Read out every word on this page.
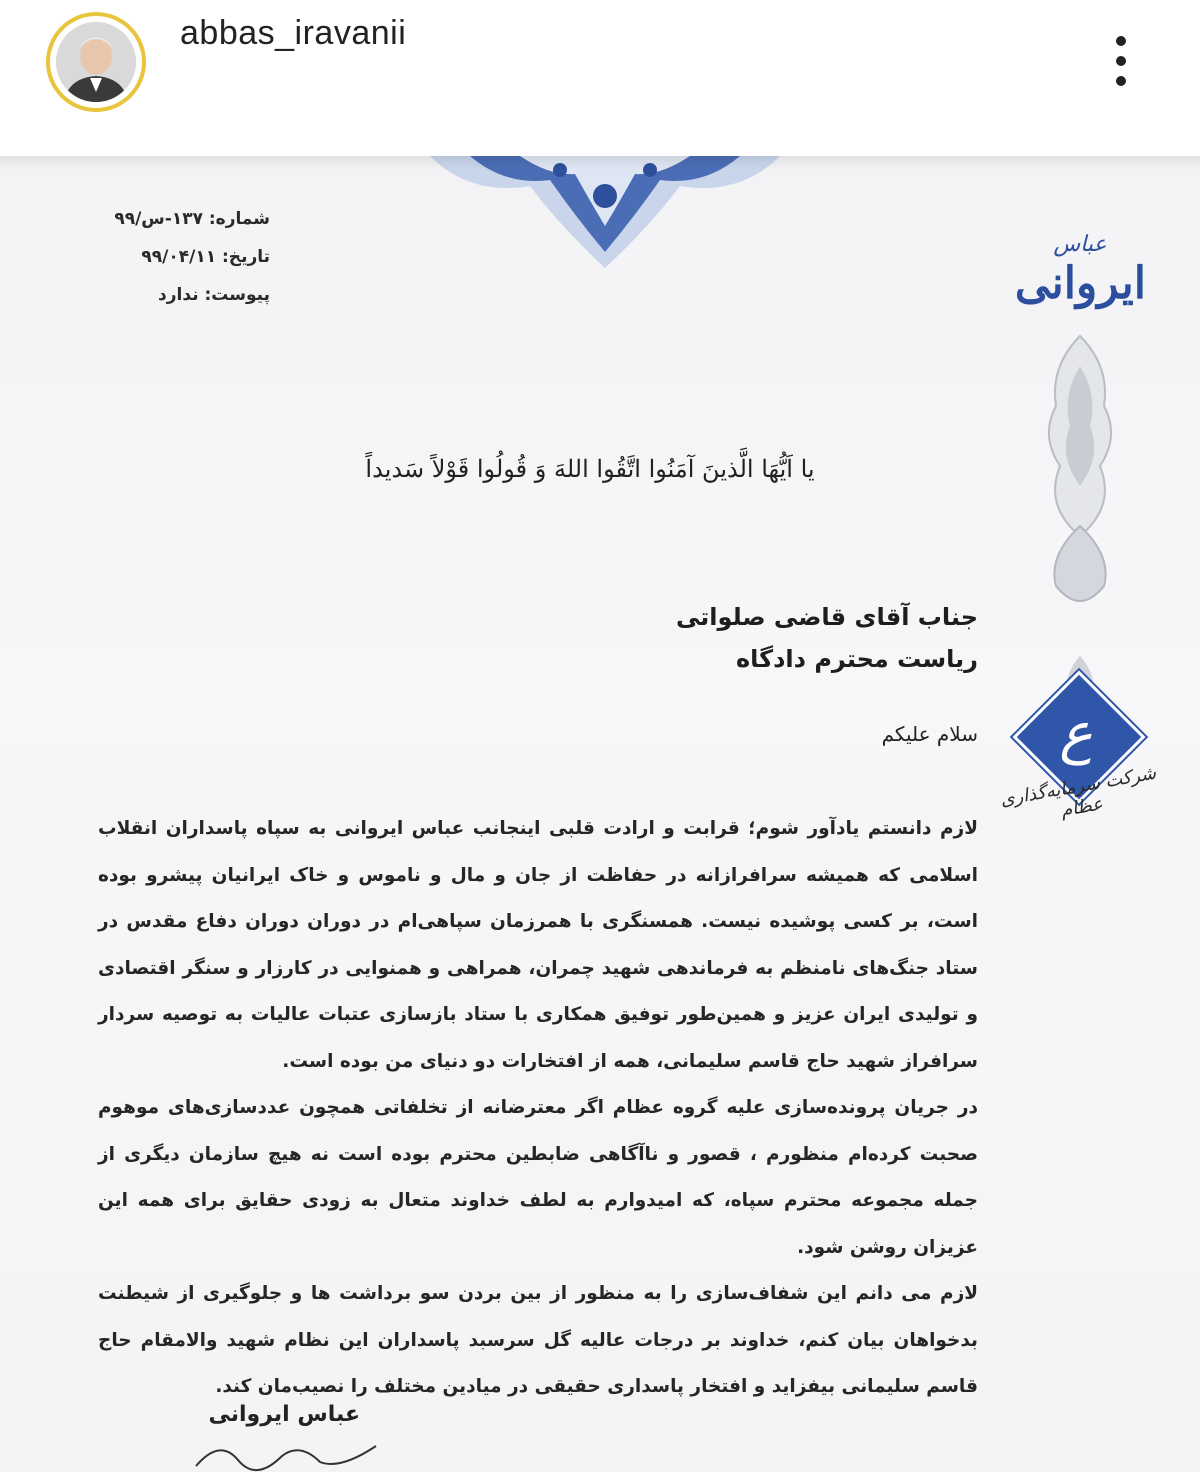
abbas_iravanii
عباس
ایروانی
شماره: ۱۳۷-س/۹۹
تاریخ: ۹۹/۰۴/۱۱
پیوست: ندارد
یا اَیُّهَا الَّذینَ آمَنُوا اتَّقُوا اللهَ وَ قُولُوا قَوْلاً سَدیداً
جناب آقای قاضی صلواتی
ریاست محترم دادگاه
سلام علیکم

لازم دانستم یادآور شوم؛ قرابت و ارادت قلبی اینجانب عباس ایروانی به سپاه پاسداران انقلاب اسلامی که همیشه سرافرازانه در حفاظت از جان و مال و ناموس و خاک ایرانیان پیشرو بوده است، بر کسی پوشیده نیست. همسنگری با همرزمان سپاهی‌ام در دوران دوران دفاع مقدس در ستاد جنگ‌های نامنظم به فرماندهی شهید چمران، همراهی و همنوایی در کارزار و سنگر اقتصادی و تولیدی ایران عزیز و همین‌طور توفیق همکاری با ستاد بازسازی عتبات عالیات به توصیه سردار سرافراز شهید حاج قاسم سلیمانی، همه از افتخارات دو دنیای من بوده است.

در جریان پرونده‌سازی علیه گروه عظام اگر معترضانه از تخلفاتی همچون عددسازی‌های موهوم صحبت کرده‌ام منظورم ، قصور و ناآگاهی ضابطین محترم بوده است نه هیچ سازمان دیگری از جمله مجموعه محترم سپاه، که امیدوارم به لطف خداوند متعال به زودی حقایق برای همه این عزیزان روشن شود.

لازم می دانم این شفاف‌سازی را به منظور از بین بردن سو برداشت ها و جلوگیری از شیطنت بدخواهان بیان کنم، خداوند بر درجات عالیه گل سرسبد پاسداران این نظام شهید والامقام حاج قاسم سلیمانی بیفزاید و افتخار پاسداری حقیقی در میادین مختلف را نصیب‌مان کند.

ع
شرکت سرمایه‌گذاری عظام
عباس ایروانی
